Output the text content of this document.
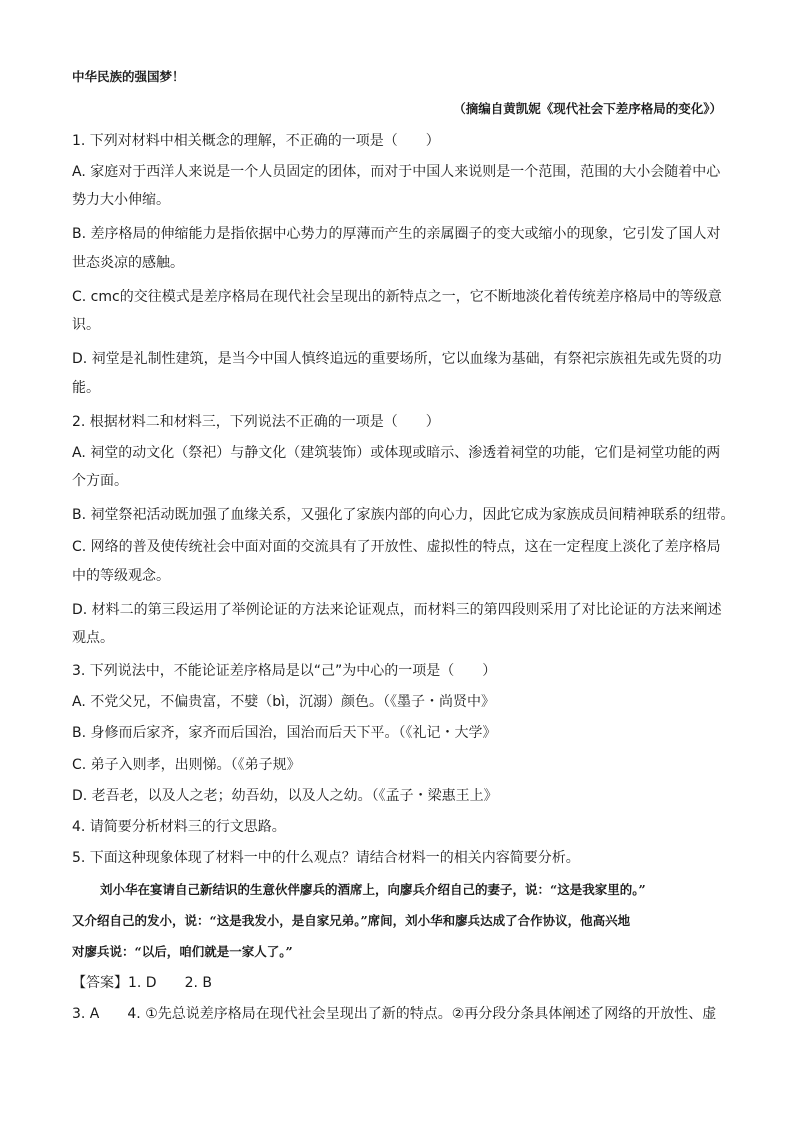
中华民族的强国梦！
（摘编自黄凯妮《现代社会下差序格局的变化》）
1. 下列对材料中相关概念的理解，不正确的一项是（　　）
A. 家庭对于西洋人来说是一个人员固定的团体，而对于中国人来说则是一个范围，范围的大小会随着中心
势力大小伸缩。
B. 差序格局的伸缩能力是指依据中心势力的厚薄而产生的亲属圈子的变大或缩小的现象，它引发了国人对
世态炎凉的感触。
C. cmc的交往模式是差序格局在现代社会呈现出的新特点之一，它不断地淡化着传统差序格局中的等级意
识。
D. 祠堂是礼制性建筑，是当今中国人慎终追远的重要场所，它以血缘为基础，有祭祀宗族祖先或先贤的功
能。
2. 根据材料二和材料三，下列说法不正确的一项是（　　）
A. 祠堂的动文化（祭祀）与静文化（建筑装饰）或体现或暗示、渗透着祠堂的功能，它们是祠堂功能的两
个方面。
B. 祠堂祭祀活动既加强了血缘关系，又强化了家族内部的向心力，因此它成为家族成员间精神联系的纽带。
C. 网络的普及使传统社会中面对面的交流具有了开放性、虚拟性的特点，这在一定程度上淡化了差序格局
中的等级观念。
D. 材料二的第三段运用了举例论证的方法来论证观点，而材料三的第四段则采用了对比论证的方法来阐述
观点。
3. 下列说法中，不能论证差序格局是以“己”为中心的一项是（　　）
A. 不党父兄，不偏贵富，不嬖（bì，沉溺）颜色。（《墨子・尚贤中》
B. 身修而后家齐，家齐而后国治，国治而后天下平。（《礼记・大学》
C. 弟子入则孝，出则悌。（《弟子规》
D. 老吾老，以及人之老；幼吾幼，以及人之幼。（《孟子・梁惠王上》
4. 请简要分析材料三的行文思路。
5. 下面这种现象体现了材料一中的什么观点？请结合材料一的相关内容简要分析。
刘小华在宴请自己新结识的生意伙伴廖兵的酒席上，向廖兵介绍自己的妻子，说：“这是我家里的。”
又介绍自己的发小，说：“这是我发小，是自家兄弟。”席间，刘小华和廖兵达成了合作协议，他高兴地
对廖兵说：“以后，咱们就是一家人了。”
【答案】1. D　　2. B
3. A　　4. ①先总说差序格局在现代社会呈现出了新的特点。②再分段分条具体阐述了网络的开放性、虚
